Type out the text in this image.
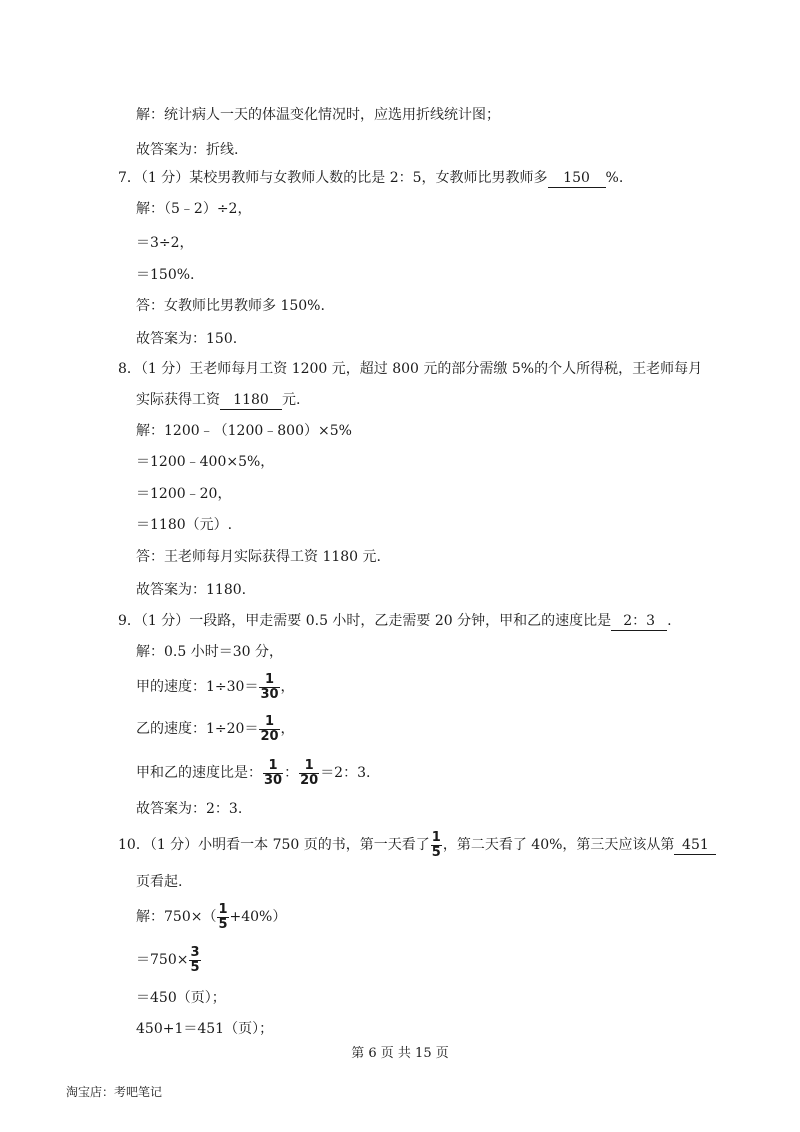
解：统计病人一天的体温变化情况时，应选用折线统计图；
故答案为：折线.
7．（1 分）某校男教师与女教师人数的比是 2：5，女教师比男教师多 150 %.
解：（5﹣2）÷2，
＝3÷2，
＝150%.
答：女教师比男教师多 150%.
故答案为：150.
8．（1 分）王老师每月工资 1200 元，超过 800 元的部分需缴 5%的个人所得税，王老师每月
实际获得工资 1180 元.
解：1200﹣（1200﹣800）×5%
＝1200﹣400×5%，
＝1200﹣20，
＝1180（元）.
答：王老师每月实际获得工资 1180 元.
故答案为：1180.
9．（1 分）一段路，甲走需要 0.5 小时，乙走需要 20 分钟，甲和乙的速度比是 2：3 .
解：0.5 小时＝30 分，
甲的速度：$1\div 30= \frac{1}{30}$ ，
乙的速度：$1\div 20= \frac{1}{20}$ ，
甲和乙的速度比是： $\frac{1}{30}$ ： $\frac{1}{20} =2$：3.
故答案为：2：3.
10．（1 分）小明看一本 750 页的书，第一天看了 $\frac{1}{5}$ ，第二天看了 40%，第三天应该从第 451
页看起.
解：$750\times( \frac{1}{5} +40\%)$
$=750\times \frac{3}{5}$
＝450（页）；
450+1＝451（页）；
第 6 页 共 15 页
淘宝店：考吧笔记
